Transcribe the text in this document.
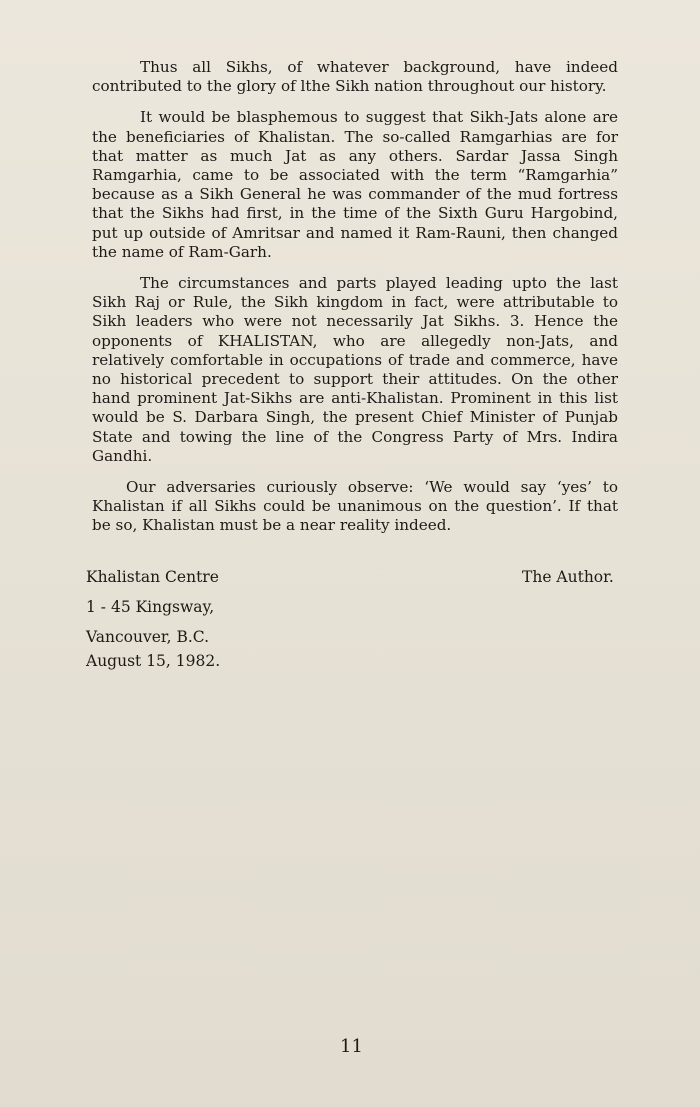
Thus all Sikhs, of whatever background, have indeed contributed to the glory of lthe Sikh nation throughout our history.

It would be blasphemous to suggest that Sikh-Jats alone are the beneficiaries of Khalistan. The so-called Ramgarhias are for that matter as much Jat as any others. Sardar Jassa Singh Ramgarhia, came to be associated with the term “Ramgarhia” because as a Sikh General he was commander of the mud fortress that the Sikhs had first, in the time of the Sixth Guru Hargobind, put up outside of Amritsar and named it Ram-Rauni, then changed the name of Ram-Garh.

The circumstances and parts played leading upto the last Sikh Raj or Rule, the Sikh kingdom in fact, were attributable to Sikh leaders who were not necessarily Jat Sikhs. 3. Hence the opponents of KHALISTAN, who are allegedly non-Jats, and relatively comfortable in occupations of trade and commerce, have no historical precedent to support their attitudes. On the other hand prominent Jat-Sikhs are anti-Khalistan. Prominent in this list would be S. Darbara Singh, the present Chief Minister of Punjab State and towing the line of the Congress Party of Mrs. Indira Gandhi.

Our adversaries curiously observe: ‘We would say ‘yes’ to Khalistan if all Sikhs could be unanimous on the question’. If that be so, Khalistan must be a near reality indeed.

Khalistan Centre
1 - 45 Kingsway,
Vancouver, B.C.
August 15, 1982.
The Author.
11
